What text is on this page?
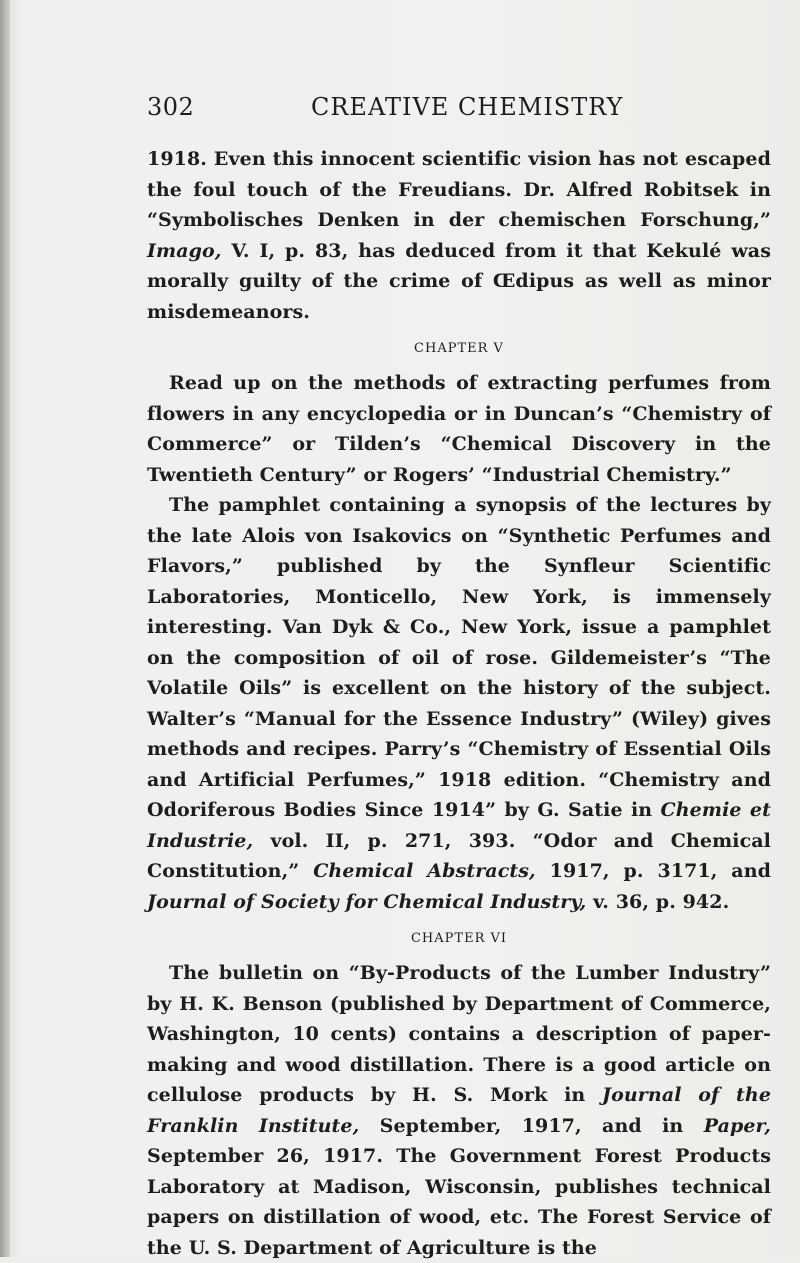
302	CREATIVE CHEMISTRY

1918. Even this innocent scientific vision has not escaped the foul touch of the Freudians. Dr. Alfred Robitsek in “Symbolisches Denken in der chemischen Forschung,” Imago, V. I, p. 83, has deduced from it that Kekulé was morally guilty of the crime of Œdipus as well as minor misdemeanors.

CHAPTER V

Read up on the methods of extracting perfumes from flowers in any encyclopedia or in Duncan’s “Chemistry of Commerce” or Tilden’s “Chemical Discovery in the Twentieth Century” or Rogers’ “Industrial Chemistry.”

The pamphlet containing a synopsis of the lectures by the late Alois von Isakovics on “Synthetic Perfumes and Flavors,” published by the Synfleur Scientific Laboratories, Monticello, New York, is immensely interesting. Van Dyk & Co., New York, issue a pamphlet on the composition of oil of rose. Gildemeister’s “The Volatile Oils” is excellent on the history of the subject. Walter’s “Manual for the Essence Industry” (Wiley) gives methods and recipes. Parry’s “Chemistry of Essential Oils and Artificial Perfumes,” 1918 edition. “Chemistry and Odoriferous Bodies Since 1914” by G. Satie in Chemie et Industrie, vol. II, p. 271, 393. “Odor and Chemical Constitution,” Chemical Abstracts, 1917, p. 3171, and Journal of Society for Chemical Industry, v. 36, p. 942.

CHAPTER VI

The bulletin on “By-Products of the Lumber Industry” by H. K. Benson (published by Department of Commerce, Washington, 10 cents) contains a description of paper-making and wood distillation. There is a good article on cellulose products by H. S. Mork in Journal of the Franklin Institute, September, 1917, and in Paper, September 26, 1917. The Government Forest Products Laboratory at Madison, Wisconsin, publishes technical papers on distillation of wood, etc. The Forest Service of the U. S. Department of Agriculture is the
